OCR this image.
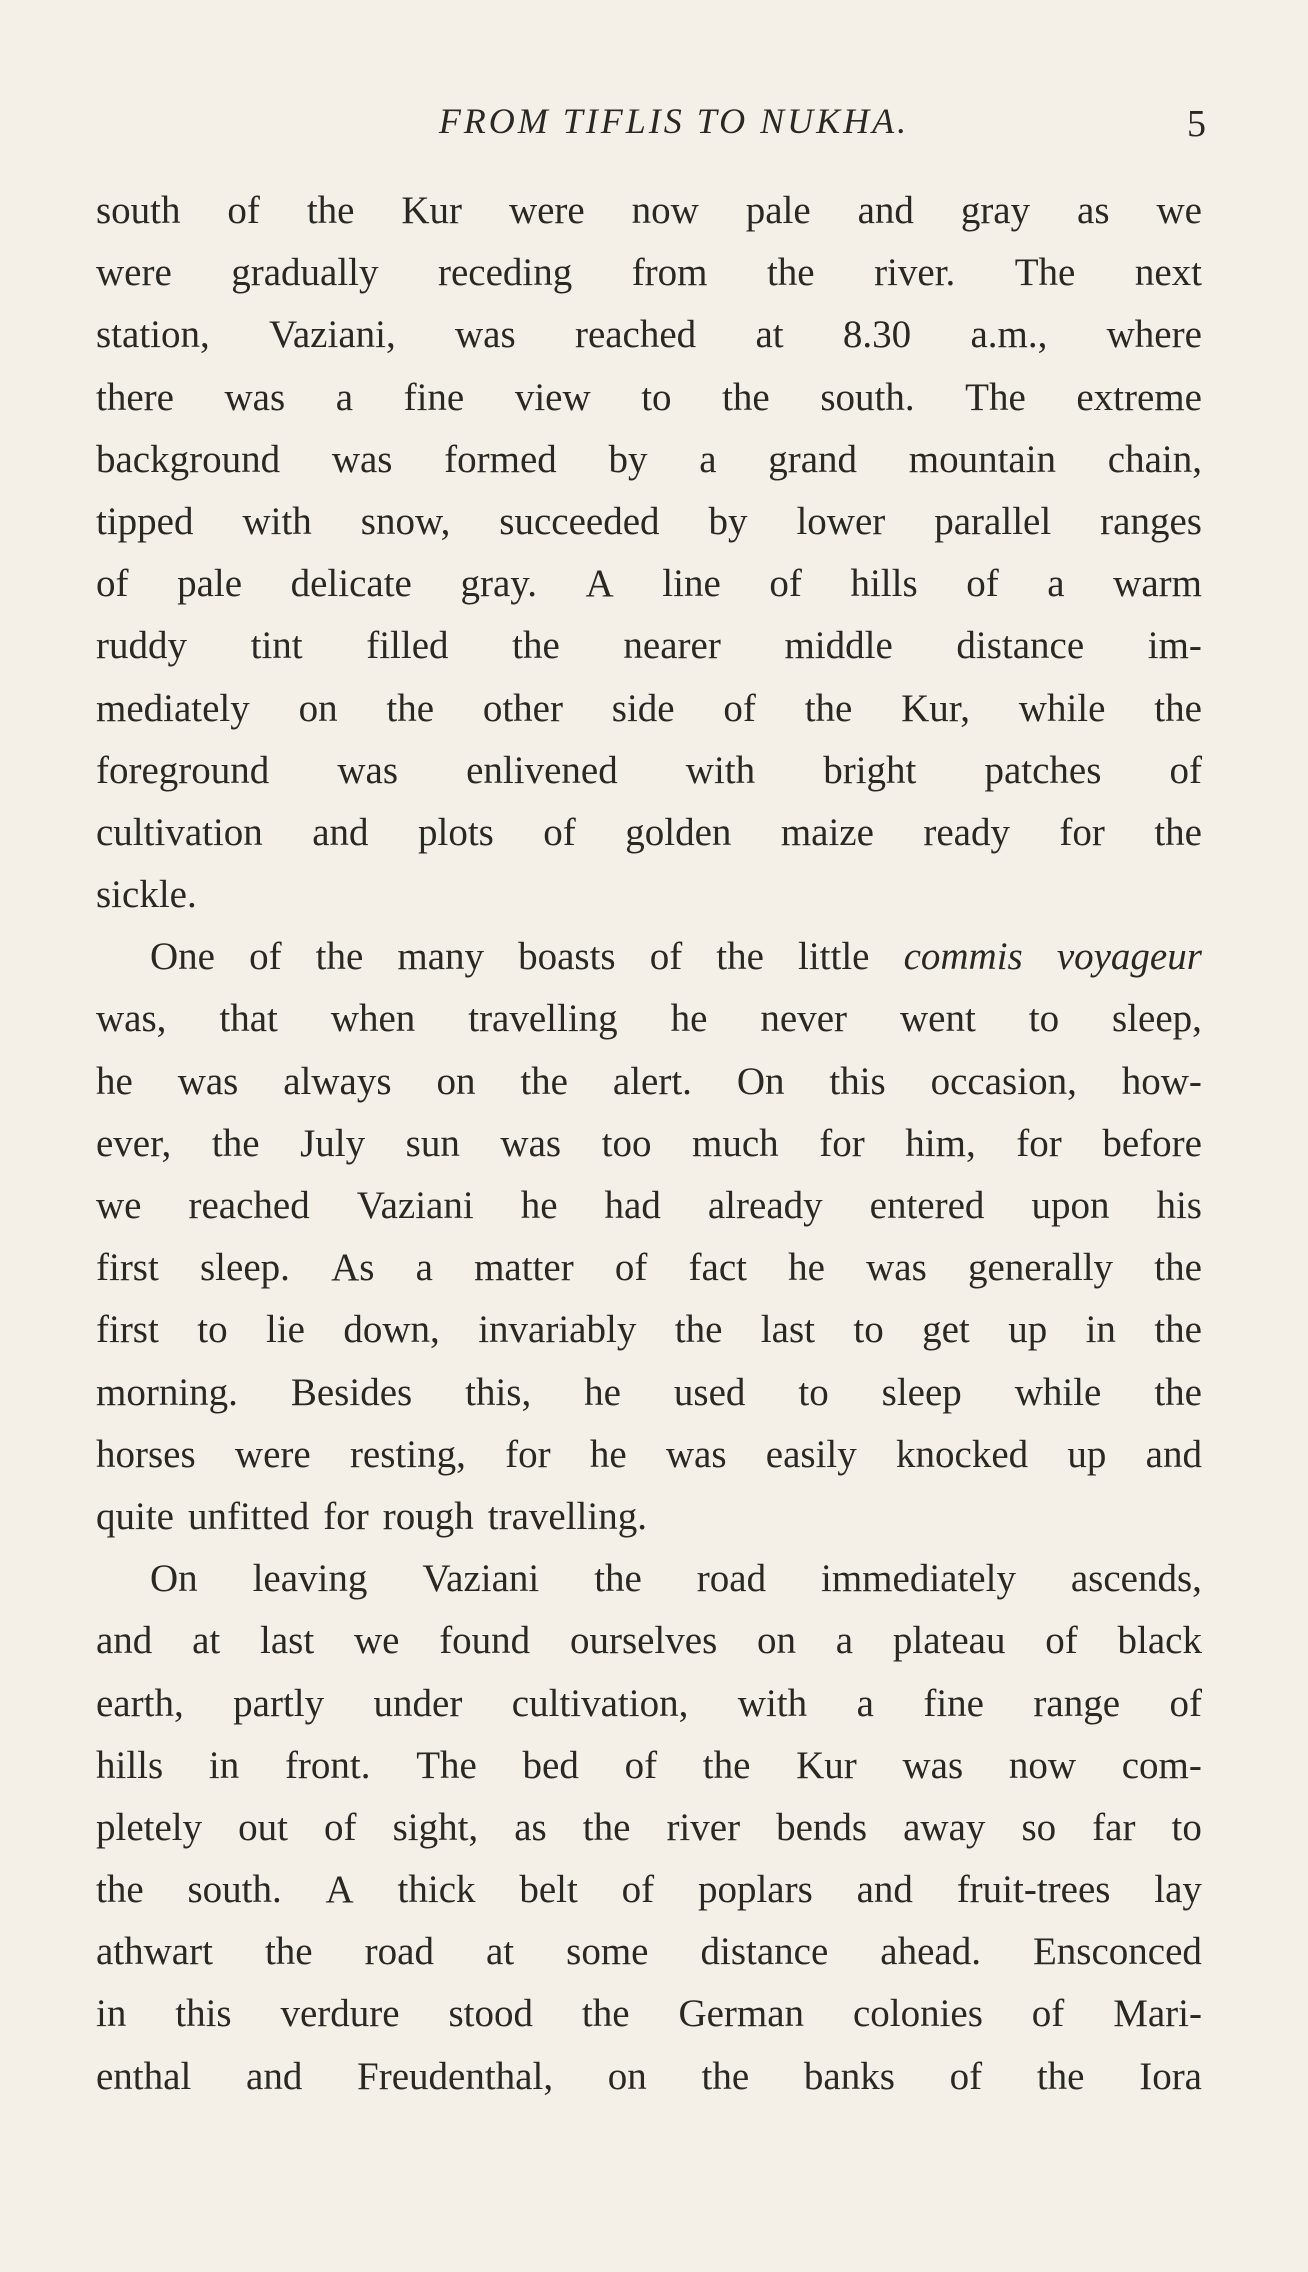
FROM TIFLIS TO NUKHA.	5
south of the Kur were now pale and gray as we
were gradually receding from the river. The next
station, Vaziani, was reached at 8.30 a.m., where
there was a fine view to the south. The extreme
background was formed by a grand mountain chain,
tipped with snow, succeeded by lower parallel ranges
of pale delicate gray. A line of hills of a warm
ruddy tint filled the nearer middle distance im-
mediately on the other side of the Kur, while the
foreground was enlivened with bright patches of
cultivation and plots of golden maize ready for the
sickle.
One of the many boasts of the little commis voyageur
was, that when travelling he never went to sleep,
he was always on the alert. On this occasion, how-
ever, the July sun was too much for him, for before
we reached Vaziani he had already entered upon his
first sleep. As a matter of fact he was generally the
first to lie down, invariably the last to get up in the
morning. Besides this, he used to sleep while the
horses were resting, for he was easily knocked up and
quite unfitted for rough travelling.
On leaving Vaziani the road immediately ascends,
and at last we found ourselves on a plateau of black
earth, partly under cultivation, with a fine range of
hills in front. The bed of the Kur was now com-
pletely out of sight, as the river bends away so far to
the south. A thick belt of poplars and fruit-trees lay
athwart the road at some distance ahead. Ensconced
in this verdure stood the German colonies of Mari-
enthal and Freudenthal, on the banks of the Iora
